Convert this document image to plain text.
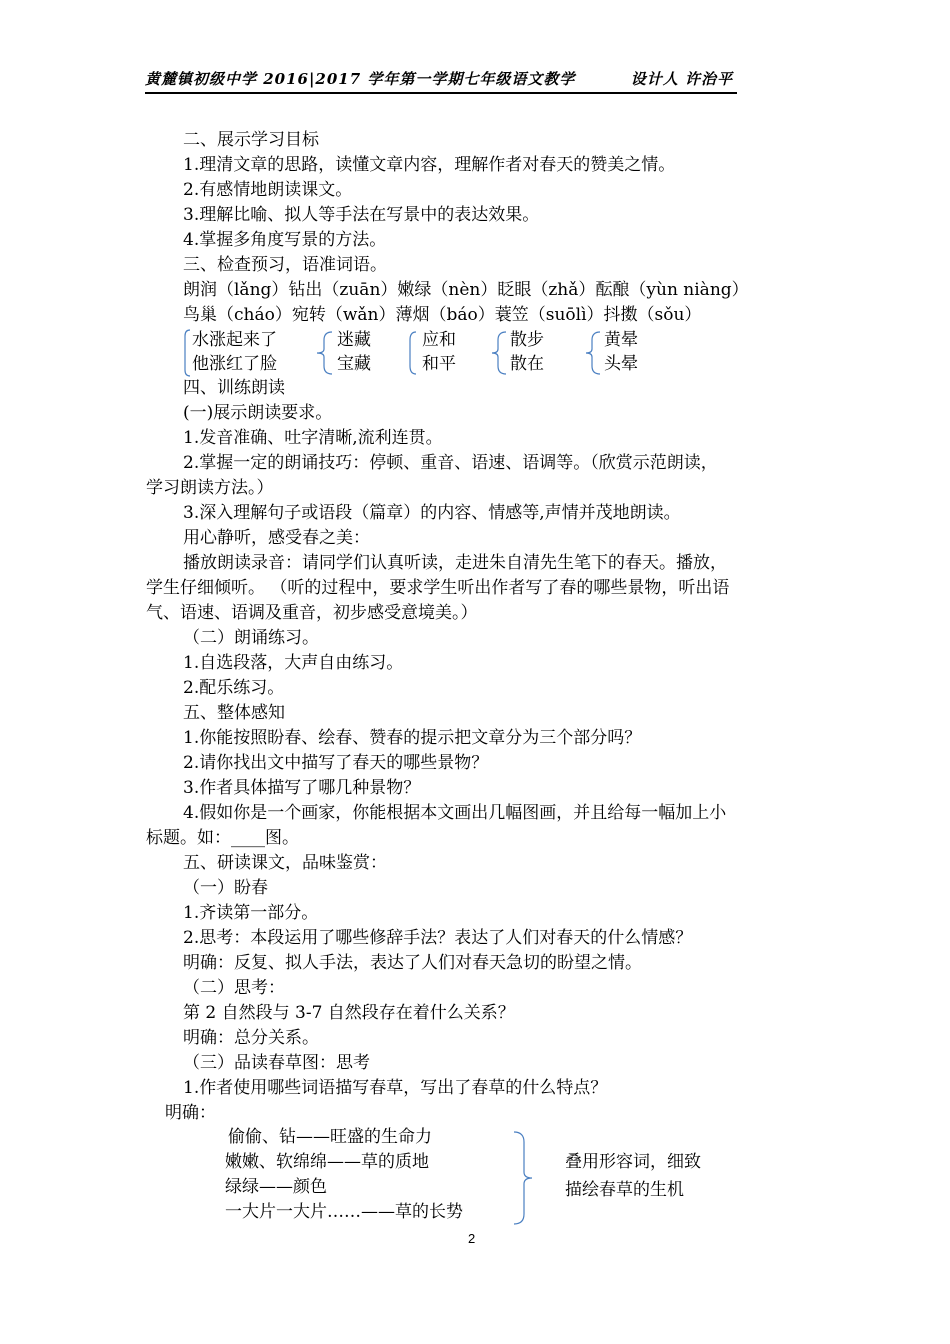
黄麓镇初级中学 2016|2017 学年第一学期七年级语文教学	设计人 许治平
二、展示学习目标
1.理清文章的思路，读懂文章内容，理解作者对春天的赞美之情。
2.有感情地朗读课文。
3.理解比喻、拟人等手法在写景中的表达效果。
4.掌握多角度写景的方法。
三、检查预习，语准词语。
朗润（lǎng）钻出（zuān）嫩绿（nèn）眨眼（zhǎ）酝酿（yùn niàng）
鸟巢（cháo）宛转（wǎn）薄烟（báo）蓑笠（suōlì）抖擞（sǒu）
水涨起来了
他涨红了脸
迷藏
宝藏
应和
和平
散步
散在
黄晕
头晕
四、训练朗读
(一)展示朗读要求。
1.发音准确、吐字清晰,流利连贯。
2.掌握一定的朗诵技巧：停顿、重音、语速、语调等。（欣赏示范朗读，
学习朗读方法。）
3.深入理解句子或语段（篇章）的内容、情感等,声情并茂地朗读。
用心静听，感受春之美：
播放朗读录音：请同学们认真听读，走进朱自清先生笔下的春天。播放，
学生仔细倾听。 （听的过程中，要求学生听出作者写了春的哪些景物，听出语
气、语速、语调及重音，初步感受意境美。）
（二）朗诵练习。
1.自选段落，大声自由练习。
2.配乐练习。
五、整体感知
1.你能按照盼春、绘春、赞春的提示把文章分为三个部分吗？
2.请你找出文中描写了春天的哪些景物？
3.作者具体描写了哪几种景物？
4.假如你是一个画家，你能根据本文画出几幅图画，并且给每一幅加上小
标题。如：____图。
五、研读课文，品味鉴赏：
（一）盼春
1.齐读第一部分。
2.思考：本段运用了哪些修辞手法？表达了人们对春天的什么情感？
明确：反复、拟人手法，表达了人们对春天急切的盼望之情。
（二）思考：
第 2 自然段与 3-7 自然段存在着什么关系？
明确：总分关系。
（三）品读春草图：思考
1.作者使用哪些词语描写春草，写出了春草的什么特点？
明确：
偷偷、钻——旺盛的生命力
嫩嫩、软绵绵——草的质地
绿绿——颜色
一大片一大片……——草的长势
叠用形容词，细致
描绘春草的生机
2
